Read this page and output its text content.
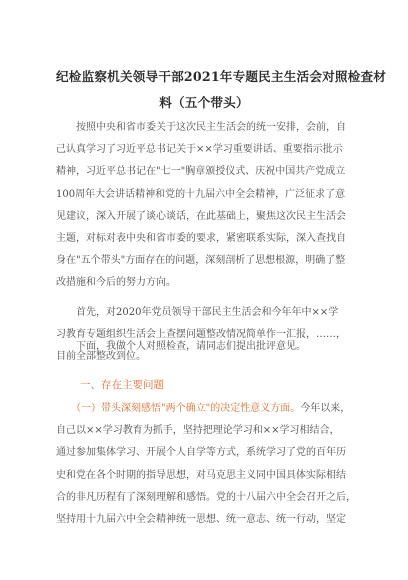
纪检监察机关领导干部2021年专题民主生活会对照检查材
料（五个带头）
　　按照中央和省市委关于这次民主生活会的统一安排，会前，自
己认真学习了习近平总书记关于××学习重要讲话、重要指示批示
精神，习近平总书记在"七一"胸章颁授仪式、庆祝中国共产党成立
100周年大会讲话精神和党的十九届六中全会精神，广泛征求了意
见建议，深入开展了谈心谈话，在此基础上，聚焦这次民主生活会
主题，对标对表中央和省市委的要求，紧密联系实际，深入查找自
身在"五个带头"方面存在的问题，深刻剖析了思想根源，明确了整
改措施和今后的努力方向。
　　首先，对2020年党员领导干部民主生活会和今年年中××学
习教育专题组织生活会上查摆问题整改情况简单作一汇报，……，
目前全部整改到位。
　　下面，我做个人对照检查，请同志们提出批评意见。
一、存在主要问题
　　（一）带头深刻感悟"两个确立"的决定性意义方面。今年以来，
自己以××学习教育为抓手，坚持把理论学习和××学习相结合，
通过参加集体学习、开展个人自学等方式，系统学习了党的百年历
史和党在各个时期的指导思想，对马克思主义同中国具体实际相结
合的非凡历程有了深刻理解和感悟。党的十八届六中全会召开之后，
坚持用十九届六中全会精神统一思想、统一意志、统一行动，坚定
